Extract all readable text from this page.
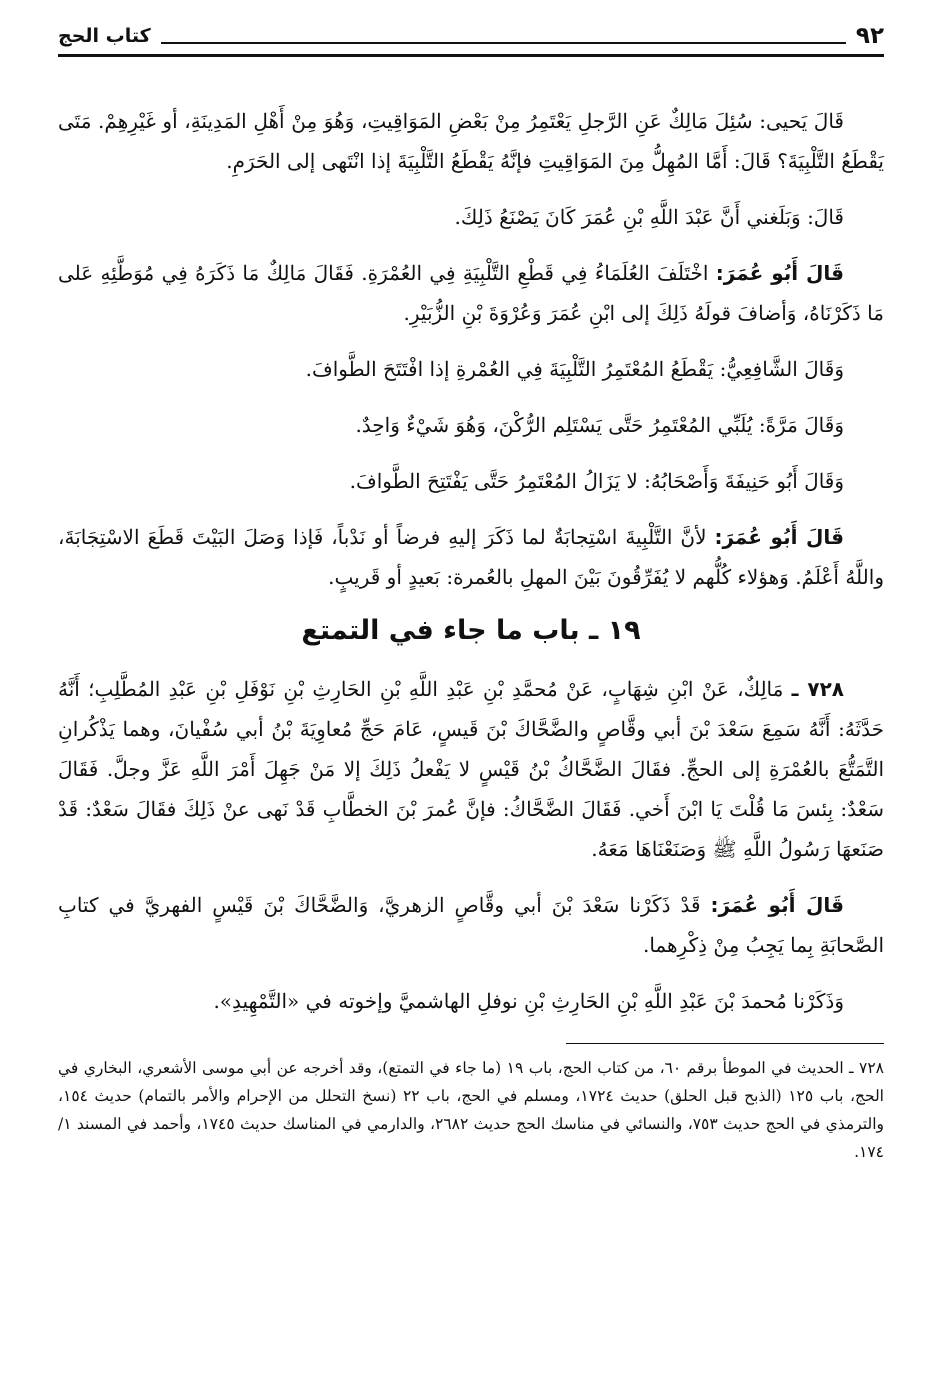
٩٢
كتاب الحج

قَالَ يَحيى: سُئِلَ مَالِكٌ عَنِ الرَّجلِ يَعْتَمِرُ مِنْ بَعْضِ المَوَاقِيتِ، وَهُوَ مِنْ أَهْلِ المَدِينَةِ، أو غَيْرِهِمْ. مَتَى يَقْطَعُ التَّلْبِيَةَ؟ قَالَ: أَمَّا المُهِلُّ مِنَ المَوَاقِيتِ فإنَّهُ يَقْطَعُ التَّلْبِيَةَ إذا انْتَهى إلى الحَرَمِ.

قَالَ: وَبَلَغني أَنَّ عَبْدَ اللَّهِ بْنِ عُمَرَ كَانَ يَصْنَعُ ذَلِكَ.

قَالَ أَبُو عُمَرَ: اخْتَلَفَ العُلَمَاءُ فِي قَطْعِ التَّلْبِيَةِ فِي العُمْرَةِ. فَقَالَ مَالِكٌ مَا ذَكَرَهُ فِي مُوَطَّئِهِ عَلى مَا ذَكَرْنَاهُ، وَأضافَ قولَهُ ذَلِكَ إلى ابْنِ عُمَرَ وَعُرْوَةَ بْنِ الزُّبَيْرِ.

وَقَالَ الشَّافِعِيُّ: يَقْطَعُ المُعْتَمِرُ التَّلْبِيَةَ فِي العُمْرةِ إذا افْتَتَحَ الطَّوافَ.

وَقَالَ مَرَّةً: يُلَبِّي المُعْتَمِرُ حَتَّى يَسْتَلِم الرُّكْنَ، وَهُوَ شَيْءٌ وَاحِدٌ.

وَقَالَ أَبُو حَنِيفَةَ وَأَصْحَابُهُ: لا يَزَالُ المُعْتَمِرُ حَتَّى يَفْتَتِحَ الطَّوافَ.

قَالَ أَبُو عُمَرَ: لأنَّ التَّلْبِيةَ اسْتِجابَةٌ لما ذَكَرَ إليهِ فرضاً أو نَدْباً، فَإذا وَصَلَ البَيْتَ قَطَعَ الاسْتِجَابَةَ، واللَّهُ أَعْلَمُ. وَهؤلاء كُلُّهم لا يُفَرِّقُونَ بَيْنَ المهلِ بالعُمرة: بَعيدٍ أو قَريبٍ.

١٩ ـ باب ما جاء في التمتع

٧٢٨ ـ مَالِكٌ، عَنْ ابْنِ شِهَابٍ، عَنْ مُحمَّدِ بْنِ عَبْدِ اللَّهِ بْنِ الحَارِثِ بْنِ نَوْفَلِ بْنِ عَبْدِ المُطَّلِبِ؛ أَنَّهُ حَدَّثَهُ: أَنَّهُ سَمِعَ سَعْدَ بْنَ أبي وقَّاصٍ والضَّحَّاكَ بْنَ قَيسٍ، عَامَ حَجِّ مُعاوِيَةَ بْنُ أبي سُفْيانَ، وهما يَذْكُرانِ التَّمَتُّعَ بالعُمْرَةِ إلى الحجِّ. فقَالَ الضَّحَّاكُ بْنُ قَيْسٍ لا يَفْعلُ ذَلِكَ إلا مَنْ جَهِلَ أَمْرَ اللَّهِ عَزَّ وجلَّ. فَقَالَ سَعْدٌ: بِئسَ مَا قُلْتَ يَا ابْنَ أَخي. فَقَالَ الضَّحَّاكُ: فإنَّ عُمرَ بْنَ الخطَّابِ قَدْ نَهى عنْ ذَلِكَ فقَالَ سَعْدٌ: قَدْ صَنَعهَا رَسُولُ اللَّهِ ﷺ وَصَنَعْنَاهَا مَعَهُ.

قَالَ أَبُو عُمَرَ: قَدْ ذَكَرْنا سَعْدَ بْنَ أبي وقَّاصٍ الزهريَّ، وَالضَّحَّاكَ بْنَ قَيْسٍ الفهريَّ في كتابِ الصَّحابَةِ بِما يَجِبُ مِنْ ذِكْرِهما.

وَذَكَرْنا مُحمدَ بْنَ عَبْدِ اللَّهِ بْنِ الحَارِثِ بْنِ نوفلِ الهاشميَّ وإخوته في «التَّمْهِيدِ».

٧٢٨ ـ الحديث في الموطأ برقم ٦٠، من كتاب الحج، باب ١٩ (ما جاء في التمتع)، وقد أخرجه عن أبي موسى الأشعري، البخاري في الحج، باب ١٢٥ (الذبح قبل الحلق) حديث ١٧٢٤، ومسلم في الحج، باب ٢٢ (نسخ التحلل من الإحرام والأمر بالتمام) حديث ١٥٤، والترمذي في الحج حديث ٧٥٣، والنسائي في مناسك الحج حديث ٢٦٨٢، والدارمي في المناسك حديث ١٧٤٥، وأحمد في المسند ١/ ١٧٤.
